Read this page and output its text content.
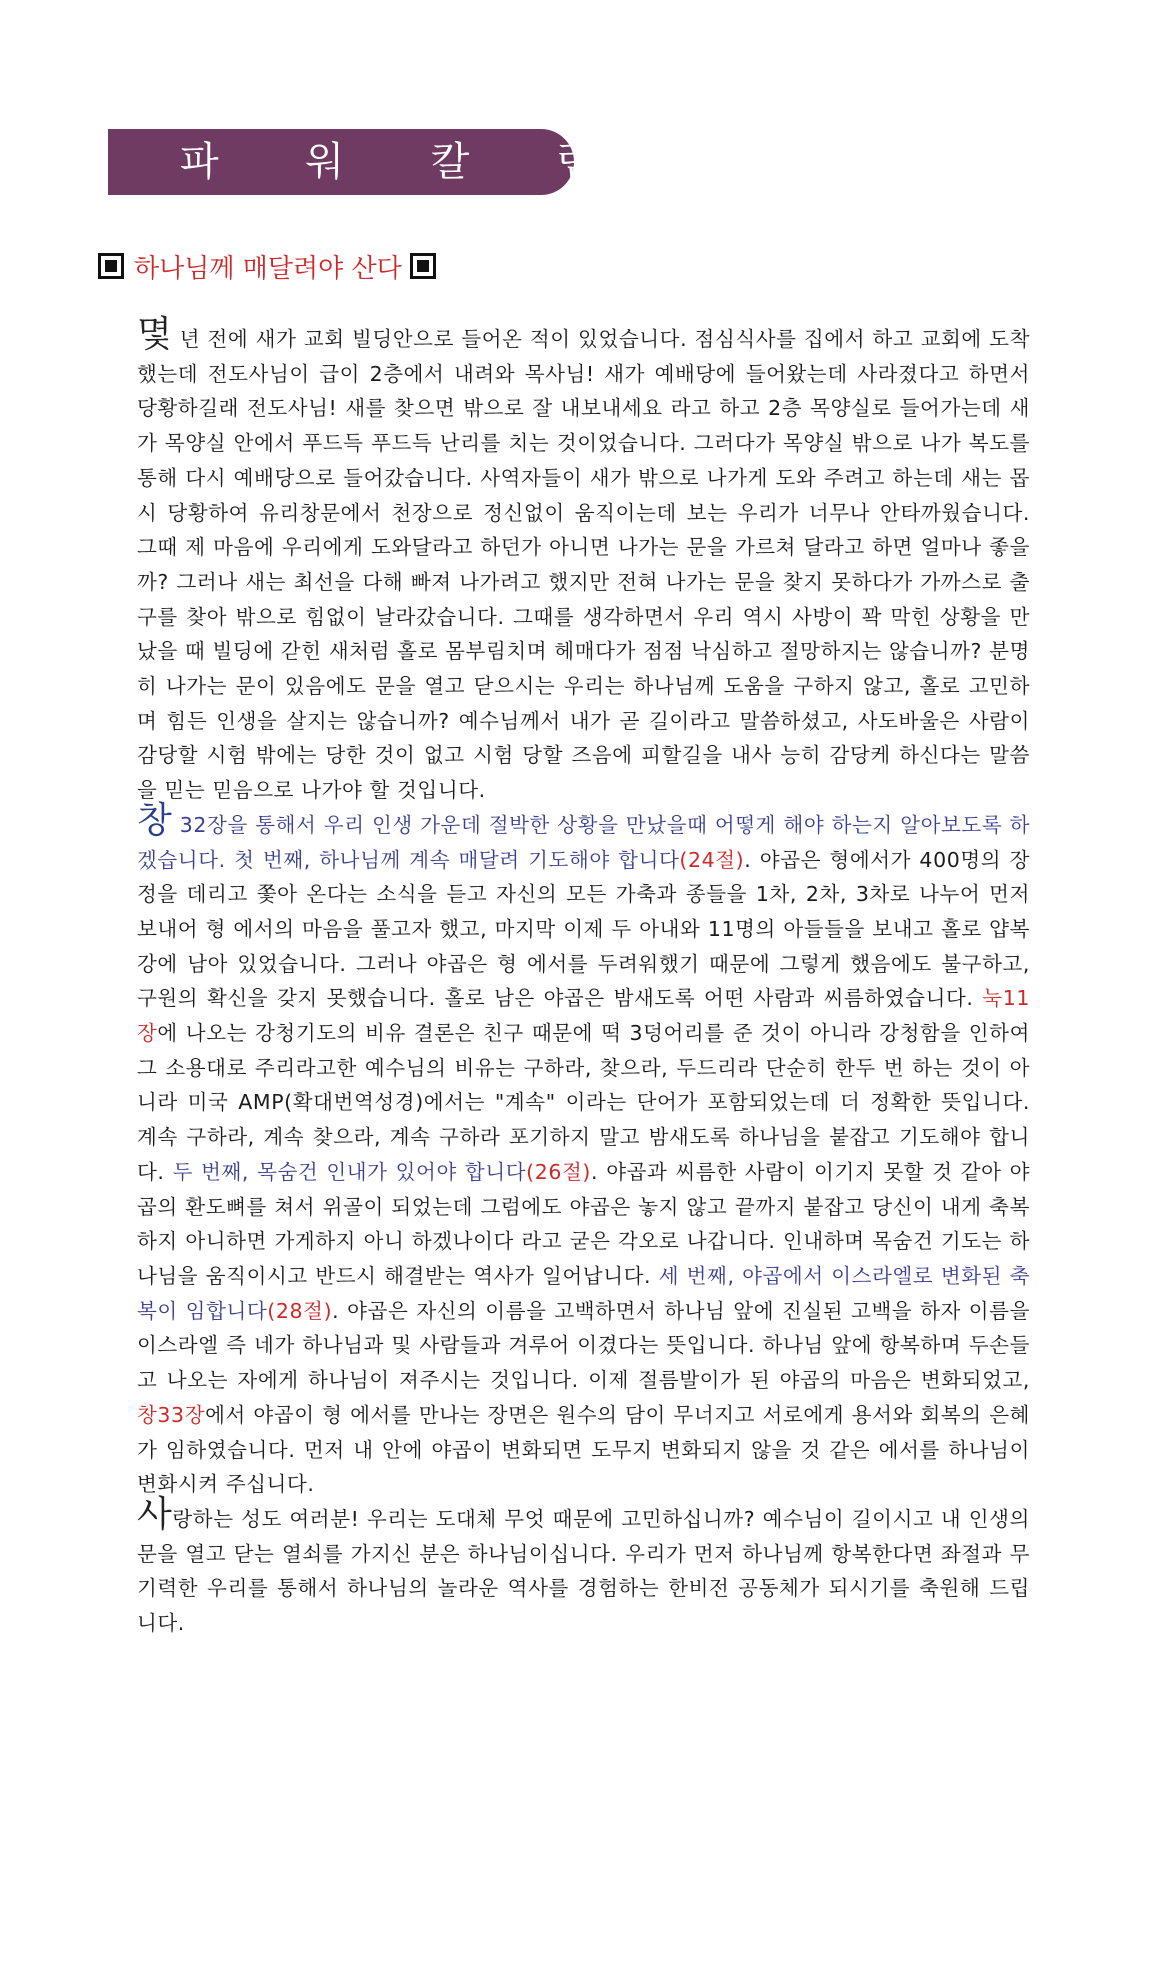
파 워 칼 럼
하나님께 매달려야 산다

몇 년 전에 새가 교회 빌딩안으로 들어온 적이 있었습니다. 점심식사를 집에서 하고 교회에 도착했는데 전도사님이 급이 2층에서 내려와 목사님! 새가 예배당에 들어왔는데 사라졌다고 하면서 당황하길래 전도사님! 새를 찾으면 밖으로 잘 내보내세요 라고 하고 2층 목양실로 들어가는데 새가 목양실 안에서 푸드득 푸드득 난리를 치는 것이었습니다. 그러다가 목양실 밖으로 나가 복도를 통해 다시 예배당으로 들어갔습니다. 사역자들이 새가 밖으로 나가게 도와 주려고 하는데 새는 몹시 당황하여 유리창문에서 천장으로 정신없이 움직이는데 보는 우리가 너무나 안타까웠습니다. 그때 제 마음에 우리에게 도와달라고 하던가 아니면 나가는 문을 가르쳐 달라고 하면 얼마나 좋을까? 그러나 새는 최선을 다해 빠져 나가려고 했지만 전혀 나가는 문을 찾지 못하다가 가까스로 출구를 찾아 밖으로 힘없이 날라갔습니다. 그때를 생각하면서 우리 역시 사방이 꽉 막힌 상황을 만났을 때 빌딩에 갇힌 새처럼 홀로 몸부림치며 헤매다가 점점 낙심하고 절망하지는 않습니까? 분명히 나가는 문이 있음에도 문을 열고 닫으시는 우리는 하나님께 도움을 구하지 않고, 홀로 고민하며 힘든 인생을 살지는 않습니까? 예수님께서 내가 곧 길이라고 말씀하셨고, 사도바울은 사람이 감당할 시험 밖에는 당한 것이 없고 시험 당할 즈음에 피할길을 내사 능히 감당케 하신다는 말씀을 믿는 믿음으로 나가야 할 것입니다.

창 32장을 통해서 우리 인생 가운데 절박한 상황을 만났을때 어떻게 해야 하는지 알아보도록 하겠습니다. 첫 번째, 하나님께 계속 매달려 기도해야 합니다(24절). 야곱은 형에서가 400명의 장정을 데리고 쫓아 온다는 소식을 듣고 자신의 모든 가축과 종들을 1차, 2차, 3차로 나누어 먼저 보내어 형 에서의 마음을 풀고자 했고, 마지막 이제 두 아내와 11명의 아들들을 보내고 홀로 얍복강에 남아 있었습니다. 그러나 야곱은 형 에서를 두려워했기 때문에 그렇게 했음에도 불구하고, 구원의 확신을 갖지 못했습니다. 홀로 남은 야곱은 밤새도록 어떤 사람과 씨름하였습니다. 눅11장에 나오는 강청기도의 비유 결론은 친구 때문에 떡 3덩어리를 준 것이 아니라 강청함을 인하여 그 소용대로 주리라고한 예수님의 비유는 구하라, 찾으라, 두드리라 단순히 한두 번 하는 것이 아니라 미국 AMP(확대번역성경)에서는 "계속" 이라는 단어가 포함되었는데 더 정확한 뜻입니다. 계속 구하라, 계속 찾으라, 계속 구하라 포기하지 말고 밤새도록 하나님을 붙잡고 기도해야 합니다. 두 번째, 목숨건 인내가 있어야 합니다(26절). 야곱과 씨름한 사람이 이기지 못할 것 같아 야곱의 환도뼈를 쳐서 위골이 되었는데 그럼에도 야곱은 놓지 않고 끝까지 붙잡고 당신이 내게 축복하지 아니하면 가게하지 아니 하겠나이다 라고 굳은 각오로 나갑니다. 인내하며 목숨건 기도는 하나님을 움직이시고 반드시 해결받는 역사가 일어납니다. 세 번째, 야곱에서 이스라엘로 변화된 축복이 임합니다(28절). 야곱은 자신의 이름을 고백하면서 하나님 앞에 진실된 고백을 하자 이름을 이스라엘 즉 네가 하나님과 및 사람들과 겨루어 이겼다는 뜻입니다. 하나님 앞에 항복하며 두손들고 나오는 자에게 하나님이 져주시는 것입니다. 이제 절름발이가 된 야곱의 마음은 변화되었고, 창33장에서 야곱이 형 에서를 만나는 장면은 원수의 담이 무너지고 서로에게 용서와 회복의 은혜가 임하였습니다. 먼저 내 안에 야곱이 변화되면 도무지 변화되지 않을 것 같은 에서를 하나님이 변화시켜 주십니다.

사랑하는 성도 여러분! 우리는 도대체 무엇 때문에 고민하십니까? 예수님이 길이시고 내 인생의 문을 열고 닫는 열쇠를 가지신 분은 하나님이십니다. 우리가 먼저 하나님께 항복한다면 좌절과 무기력한 우리를 통해서 하나님의 놀라운 역사를 경험하는 한비전 공동체가 되시기를 축원해 드립니다.
